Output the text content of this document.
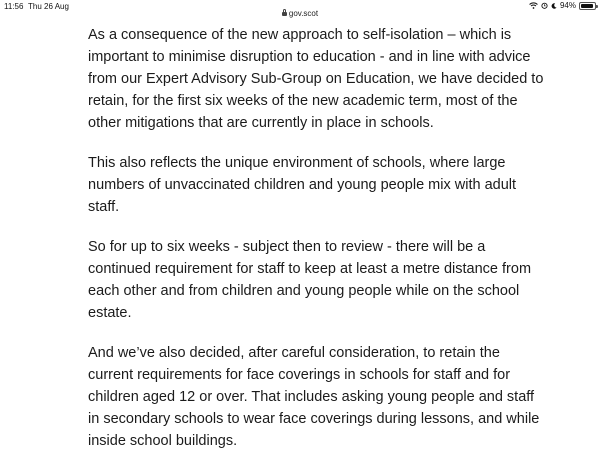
11:56 Thu 26 Aug
gov.scot
94%

As a consequence of the new approach to self-isolation – which is important to minimise disruption to education - and in line with advice from our Expert Advisory Sub-Group on Education, we have decided to retain, for the first six weeks of the new academic term, most of the other mitigations that are currently in place in schools.

This also reflects the unique environment of schools, where large numbers of unvaccinated children and young people mix with adult staff.

So for up to six weeks - subject then to review - there will be a continued requirement for staff to keep at least a metre distance from each other and from children and young people while on the school estate.

And we’ve also decided, after careful consideration, to retain the current requirements for face coverings in schools for staff and for children aged 12 or over. That includes asking young people and staff in secondary schools to wear face coverings during lessons, and while inside school buildings.
